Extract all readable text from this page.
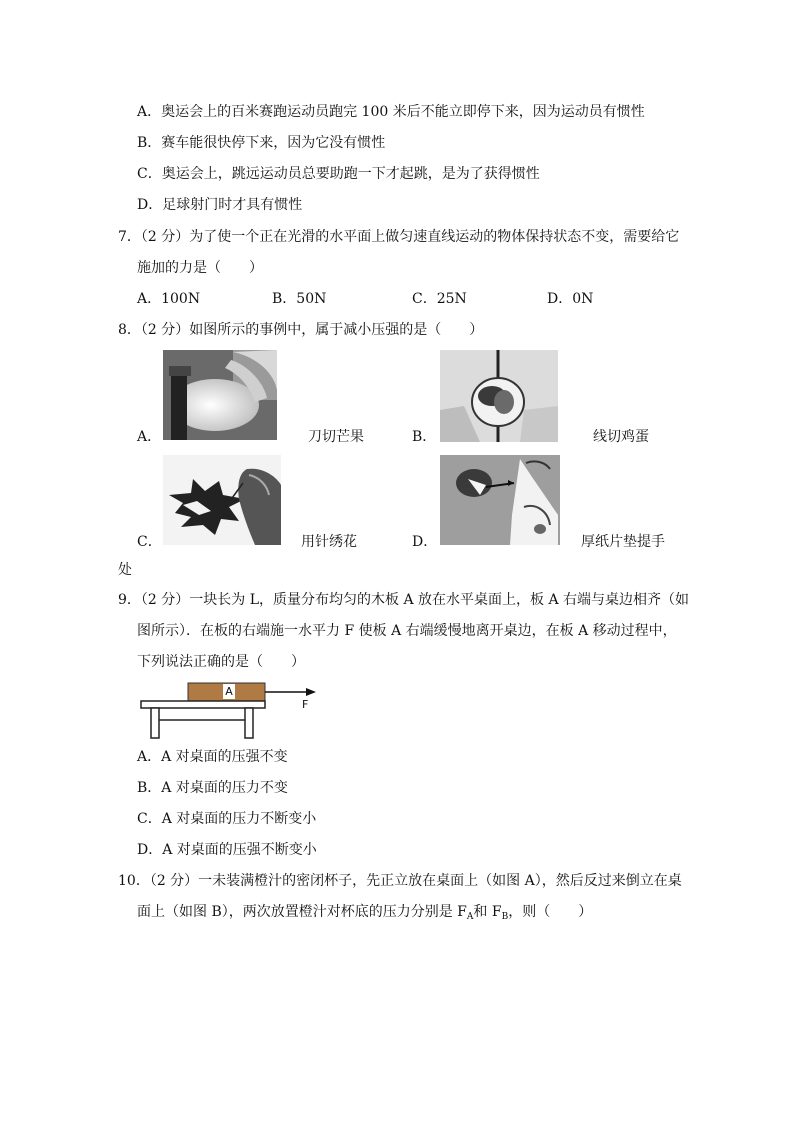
A．奥运会上的百米赛跑运动员跑完 100 米后不能立即停下来，因为运动员有惯性
B．赛车能很快停下来，因为它没有惯性
C．奥运会上，跳远运动员总要助跑一下才起跳，是为了获得惯性
D．足球射门时才具有惯性
7．（2 分）为了使一个正在光滑的水平面上做匀速直线运动的物体保持状态不变，需要给它
施加的力是（　　）
A．100N	B．50N	C．25N	D．0N
8．（2 分）如图所示的事例中，属于减小压强的是（　　）
A．	刀切芒果	B．	线切鸡蛋
C．	用针绣花	D．	厚纸片垫提手
处
9．（2 分）一块长为 L，质量分布均匀的木板 A 放在水平桌面上，板 A 右端与桌边相齐（如
图所示）．在板的右端施一水平力 F 使板 A 右端缓慢地离开桌边，在板 A 移动过程中，
下列说法正确的是（　　）
A
F
A．A 对桌面的压强不变
B．A 对桌面的压力不变
C．A 对桌面的压力不断变小
D．A 对桌面的压强不断变小
10．（2 分）一未装满橙汁的密闭杯子，先正立放在桌面上（如图 A），然后反过来倒立在桌
面上（如图 B），两次放置橙汁对杯底的压力分别是 $F_A$和 $F_B$，则（　　）
